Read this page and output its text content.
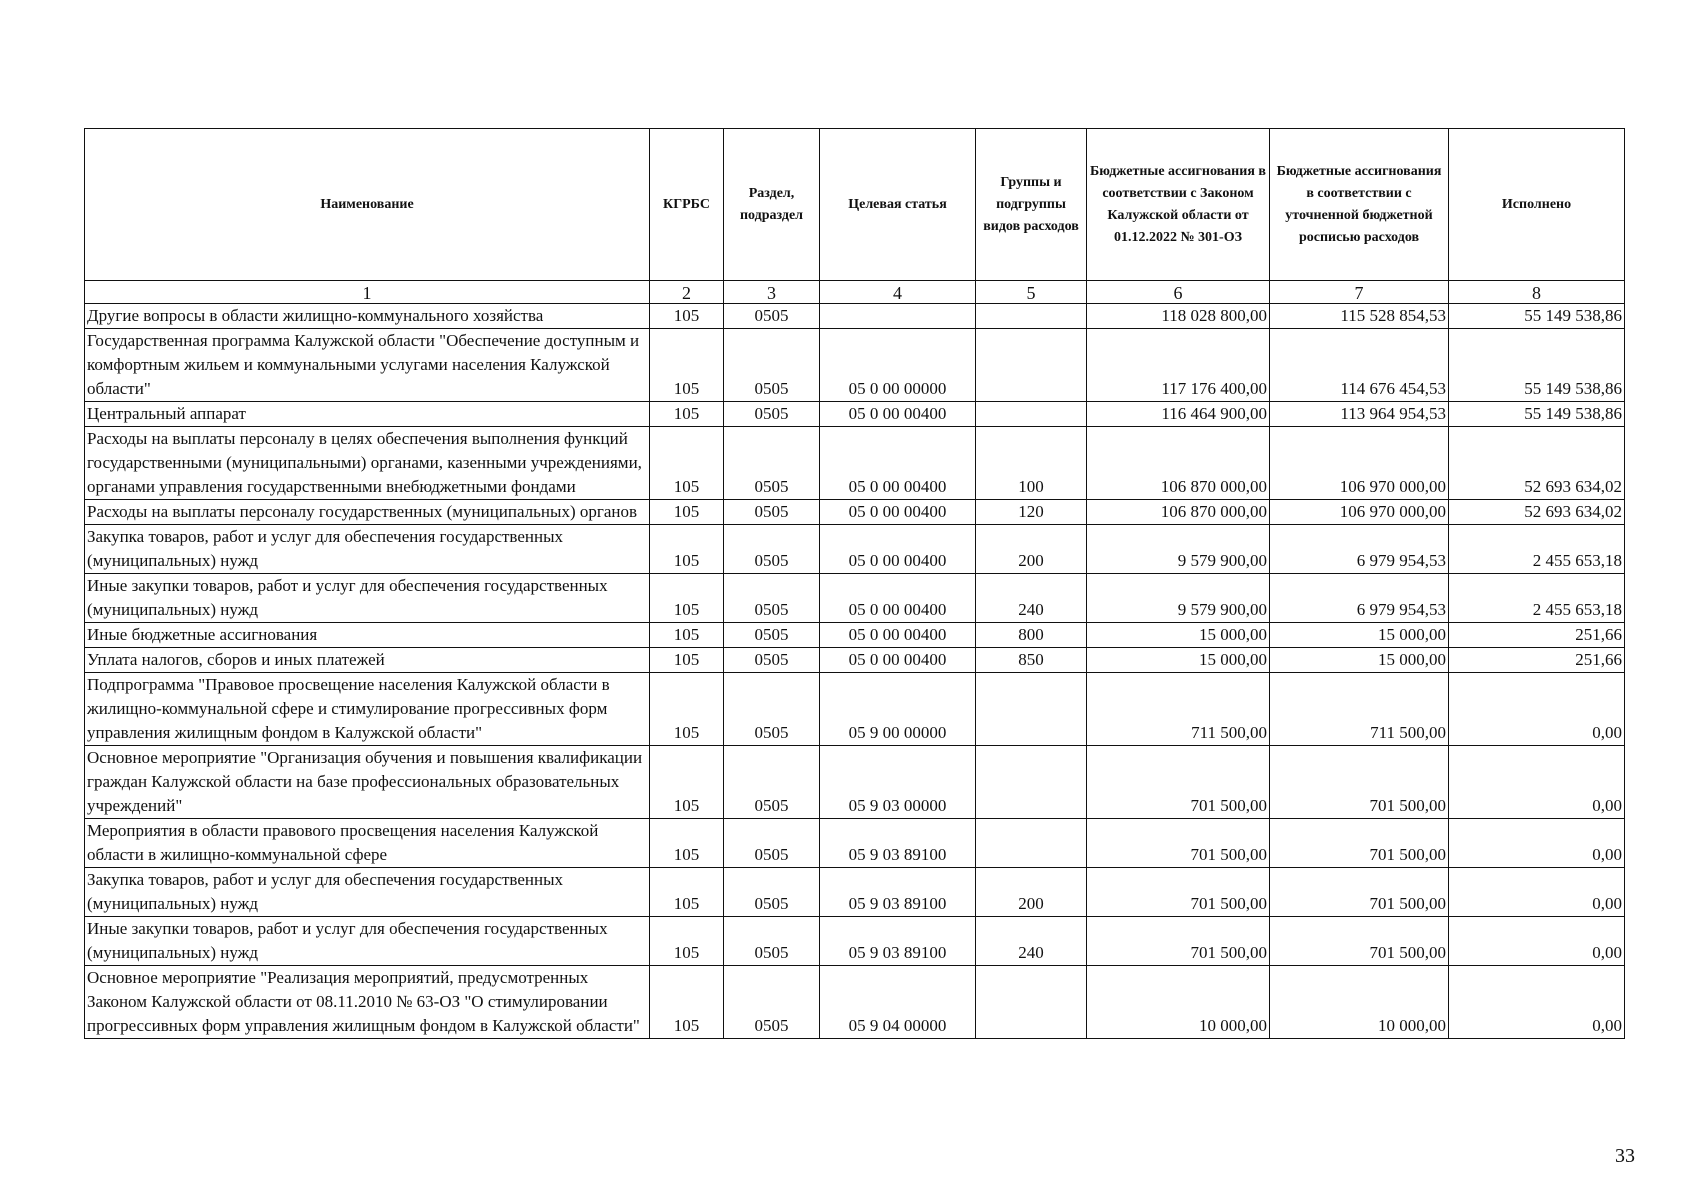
Наименование	КГРБС	Раздел, подраздел	Целевая статья	Группы и подгруппы видов расходов	Бюджетные ассигнования в соответствии с Законом Калужской области от 01.12.2022 № 301-ОЗ	Бюджетные ассигнования в соответствии с уточненной бюджетной росписью расходов	Исполнено
1	2	3	4	5	6	7	8
Другие вопросы в области жилищно-коммунального хозяйства	105	0505			118 028 800,00	115 528 854,53	55 149 538,86
Государственная программа Калужской области "Обеспечение доступным и комфортным жильем и коммунальными услугами населения Калужской области"	105	0505	05 0 00 00000		117 176 400,00	114 676 454,53	55 149 538,86
Центральный аппарат	105	0505	05 0 00 00400		116 464 900,00	113 964 954,53	55 149 538,86
Расходы на выплаты персоналу в целях обеспечения выполнения функций государственными (муниципальными) органами, казенными учреждениями, органами управления государственными внебюджетными фондами	105	0505	05 0 00 00400	100	106 870 000,00	106 970 000,00	52 693 634,02
Расходы на выплаты персоналу государственных (муниципальных) органов	105	0505	05 0 00 00400	120	106 870 000,00	106 970 000,00	52 693 634,02
Закупка товаров, работ и услуг для обеспечения государственных (муниципальных) нужд	105	0505	05 0 00 00400	200	9 579 900,00	6 979 954,53	2 455 653,18
Иные закупки товаров, работ и услуг для обеспечения государственных (муниципальных) нужд	105	0505	05 0 00 00400	240	9 579 900,00	6 979 954,53	2 455 653,18
Иные бюджетные ассигнования	105	0505	05 0 00 00400	800	15 000,00	15 000,00	251,66
Уплата налогов, сборов и иных платежей	105	0505	05 0 00 00400	850	15 000,00	15 000,00	251,66
Подпрограмма "Правовое просвещение населения Калужской области в жилищно-коммунальной сфере и стимулирование прогрессивных форм управления жилищным фондом в Калужской области"	105	0505	05 9 00 00000		711 500,00	711 500,00	0,00
Основное мероприятие "Организация обучения и повышения квалификации граждан Калужской области на базе профессиональных образовательных учреждений"	105	0505	05 9 03 00000		701 500,00	701 500,00	0,00
Мероприятия в области правового просвещения населения Калужской области в жилищно-коммунальной сфере	105	0505	05 9 03 89100		701 500,00	701 500,00	0,00
Закупка товаров, работ и услуг для обеспечения государственных (муниципальных) нужд	105	0505	05 9 03 89100	200	701 500,00	701 500,00	0,00
Иные закупки товаров, работ и услуг для обеспечения государственных (муниципальных) нужд	105	0505	05 9 03 89100	240	701 500,00	701 500,00	0,00
Основное мероприятие "Реализация мероприятий, предусмотренных Законом Калужской области от 08.11.2010 № 63-ОЗ "О стимулировании прогрессивных форм управления жилищным фондом в Калужской области"	105	0505	05 9 04 00000		10 000,00	10 000,00	0,00
33
